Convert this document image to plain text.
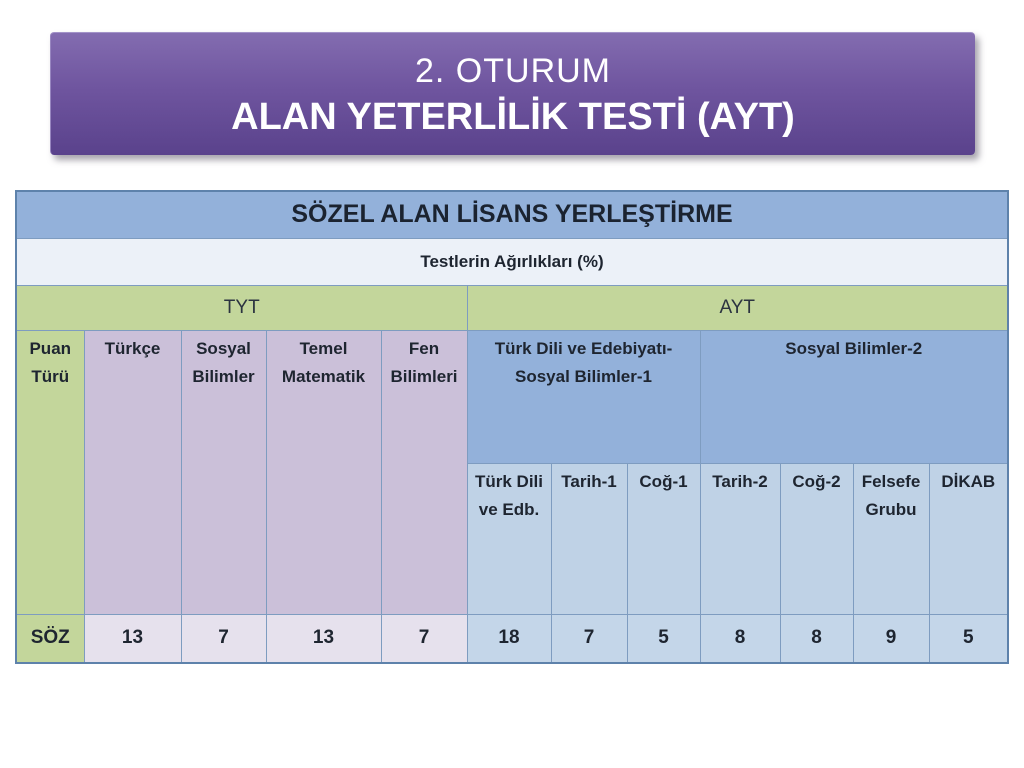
2. OTURUM
ALAN YETERLİLİK TESTİ (AYT)
SÖZEL ALAN LİSANS YERLEŞTİRME											
Testlerin Ağırlıkları (%)											
TYT					AYT						
Puan Türü	Türkçe	Sosyal Bilimler	Temel Matematik	Fen Bilimleri	Türk Dili ve Edebiyatı-Sosyal Bilimler-1			Sosyal Bilimler-2			
					Türk Dili ve Edb.	Tarih-1	Coğ-1	Tarih-2	Coğ-2	Felsefe Grubu	DİKAB
SÖZ	13	7	13	7	18	7	5	8	8	9	5
